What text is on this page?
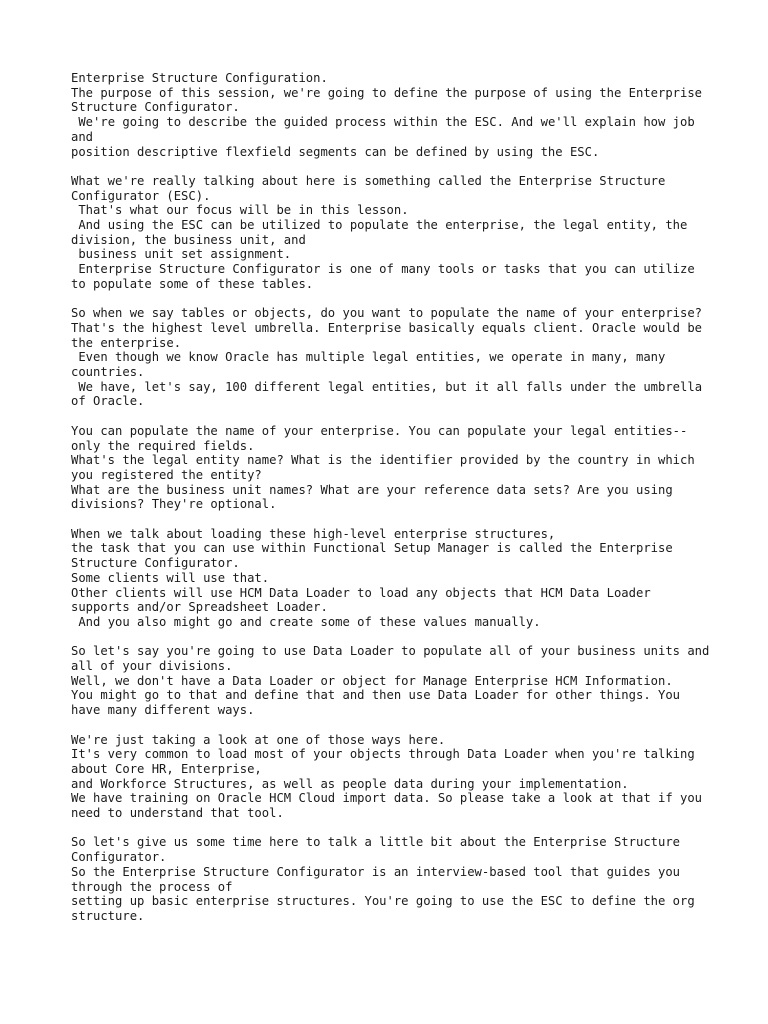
Enterprise Structure Configuration.
The purpose of this session, we're going to define the purpose of using the Enterprise Structure Configurator.
We're going to describe the guided process within the ESC. And we'll explain how job and
position descriptive flexfield segments can be defined by using the ESC.
What we're really talking about here is something called the Enterprise Structure Configurator (ESC).
That's what our focus will be in this lesson.
And using the ESC can be utilized to populate the enterprise, the legal entity, the division, the business unit, and
business unit set assignment.
Enterprise Structure Configurator is one of many tools or tasks that you can utilize to populate some of these tables.
So when we say tables or objects, do you want to populate the name of your enterprise?
That's the highest level umbrella. Enterprise basically equals client. Oracle would be the enterprise.
Even though we know Oracle has multiple legal entities, we operate in many, many countries.
We have, let's say, 100 different legal entities, but it all falls under the umbrella of Oracle.
You can populate the name of your enterprise. You can populate your legal entities-- only the required fields.
What's the legal entity name? What is the identifier provided by the country in which you registered the entity?
What are the business unit names? What are your reference data sets? Are you using divisions? They're optional.
When we talk about loading these high-level enterprise structures,
the task that you can use within Functional Setup Manager is called the Enterprise Structure Configurator.
Some clients will use that.
Other clients will use HCM Data Loader to load any objects that HCM Data Loader supports and/or Spreadsheet Loader.
And you also might go and create some of these values manually.
So let's say you're going to use Data Loader to populate all of your business units and all of your divisions.
Well, we don't have a Data Loader or object for Manage Enterprise HCM Information.
You might go to that and define that and then use Data Loader for other things. You have many different ways.
We're just taking a look at one of those ways here.
It's very common to load most of your objects through Data Loader when you're talking about Core HR, Enterprise,
and Workforce Structures, as well as people data during your implementation.
We have training on Oracle HCM Cloud import data. So please take a look at that if you need to understand that tool.
So let's give us some time here to talk a little bit about the Enterprise Structure Configurator.
So the Enterprise Structure Configurator is an interview-based tool that guides you through the process of
setting up basic enterprise structures. You're going to use the ESC to define the org structure.
